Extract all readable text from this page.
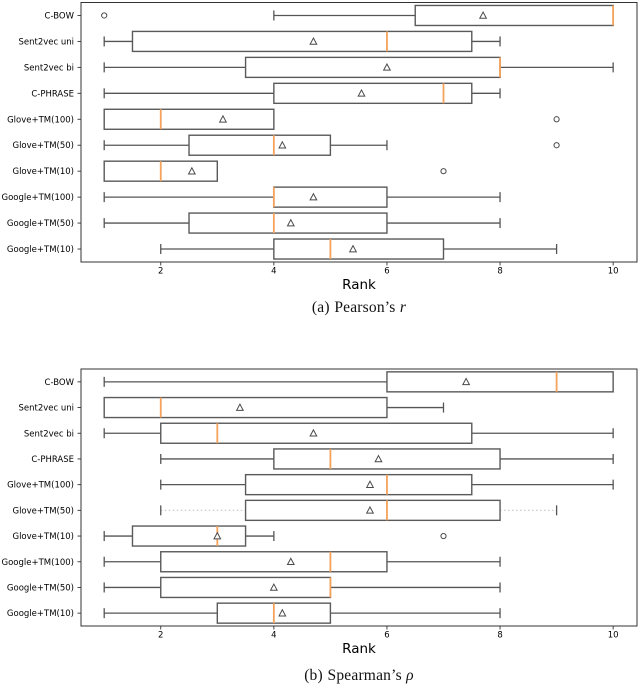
2	4	6	8	10
Rank
C-BOW
Sent2vec uni
Sent2vec bi
C-PHRASE
Glove+TM(100)
Glove+TM(50)
Glove+TM(10)
Google+TM(100)
Google+TM(50)
Google+TM(10)
2	4	6	8	10
Rank
C-BOW
Sent2vec uni
Sent2vec bi
C-PHRASE
Glove+TM(100)
Glove+TM(50)
Glove+TM(10)
Google+TM(100)
Google+TM(50)
Google+TM(10)
(a) Pearson’s r
(b) Spearman’s ρ
